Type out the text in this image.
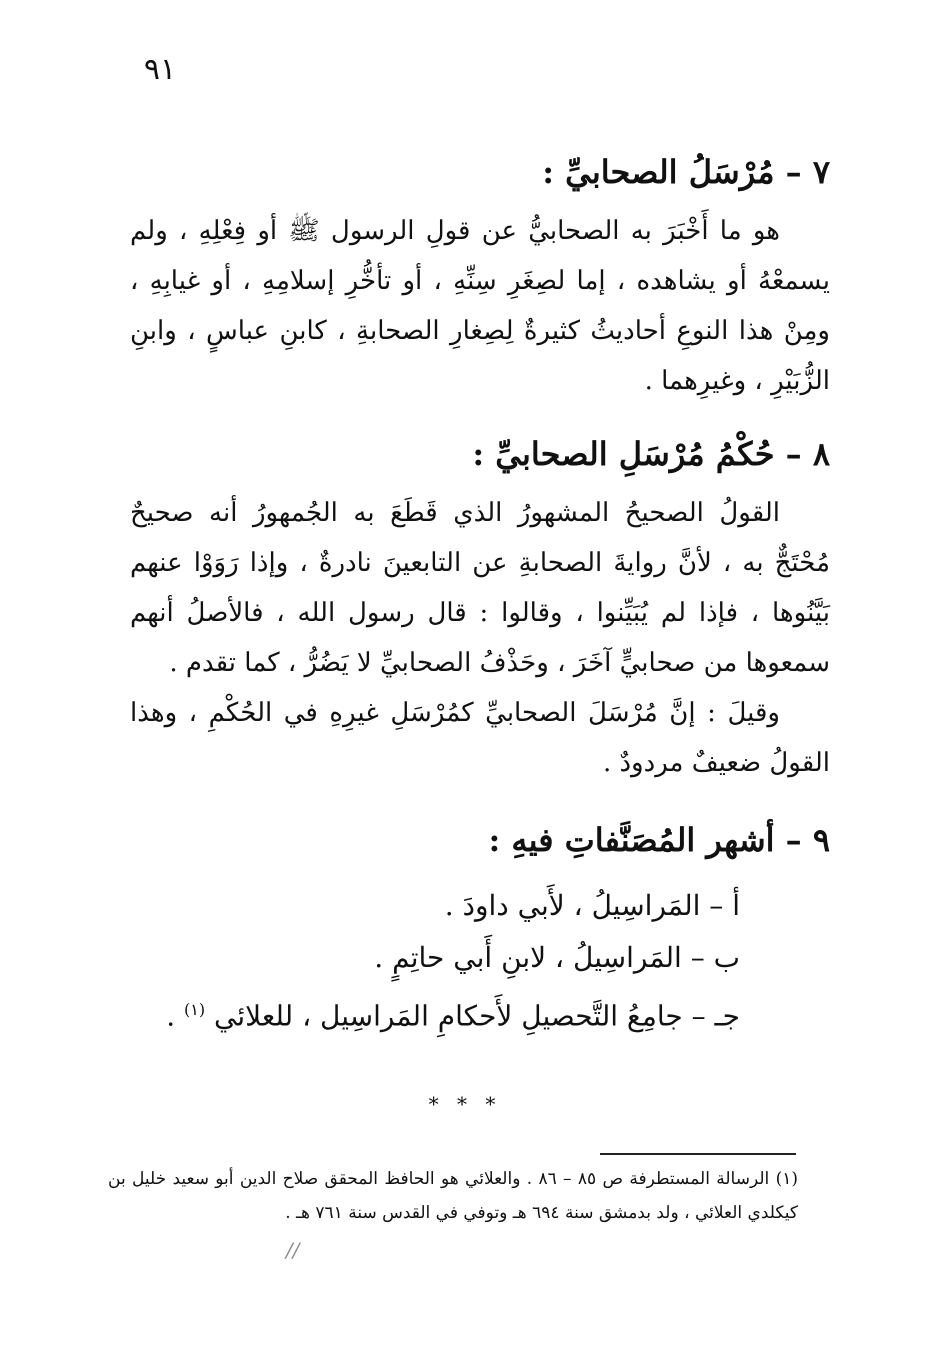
٩١
٧ – مُرْسَلُ الصحابيِّ :

هو ما أَخْبَرَ به الصحابيُّ عن قولِ الرسول ﷺ أو فِعْلِهِ ، ولم يسمعْهُ أو يشاهده ، إما لصِغَرِ سِنِّهِ ، أو تأخُّرِ إسلامِهِ ، أو غيابِهِ ، ومِنْ هذا النوعِ أحاديثُ كثيرةٌ لِصِغارِ الصحابةِ ، كابنِ عباسٍ ، وابنِ الزُّبَيْرِ ، وغيرِهما .

٨ – حُكْمُ مُرْسَلِ الصحابيِّ :

القولُ الصحيحُ المشهورُ الذي قَطَعَ به الجُمهورُ أنه صحيحٌ مُحْتَجٌّ به ، لأنَّ روايةَ الصحابةِ عن التابعينَ نادرةٌ ، وإذا رَوَوْا عنهم بَيَّنُوها ، فإذا لم يُبَيِّنوا ، وقالوا : قال رسول الله ، فالأصلُ أنهم سمعوها من صحابيٍّ آخَرَ ، وحَذْفُ الصحابيِّ لا يَضُرُّ ، كما تقدم .

وقيلَ : إنَّ مُرْسَلَ الصحابيِّ كمُرْسَلِ غيرِهِ في الحُكْمِ ، وهذا القولُ ضعيفٌ مردودٌ .

٩ – أشهر المُصَنَّفاتِ فيهِ :
أ – المَراسِيلُ ، لأَبي داودَ .
ب – المَراسِيلُ ، لابنِ أَبي حاتِمٍ .
جـ – جامِعُ التَّحصيلِ لأَحكامِ المَراسِيل ، للعلائي $^{(١)}$ .
* * *

(١) الرسالة المستطرفة ص ٨٥ – ٨٦ . والعلائي هو الحافظ المحقق صلاح الدين أبو سعيد خليل بن كيكلدي العلائي ، ولد بدمشق سنة ٦٩٤ هـ وتوفي في القدس سنة ٧٦١ هـ .

//
